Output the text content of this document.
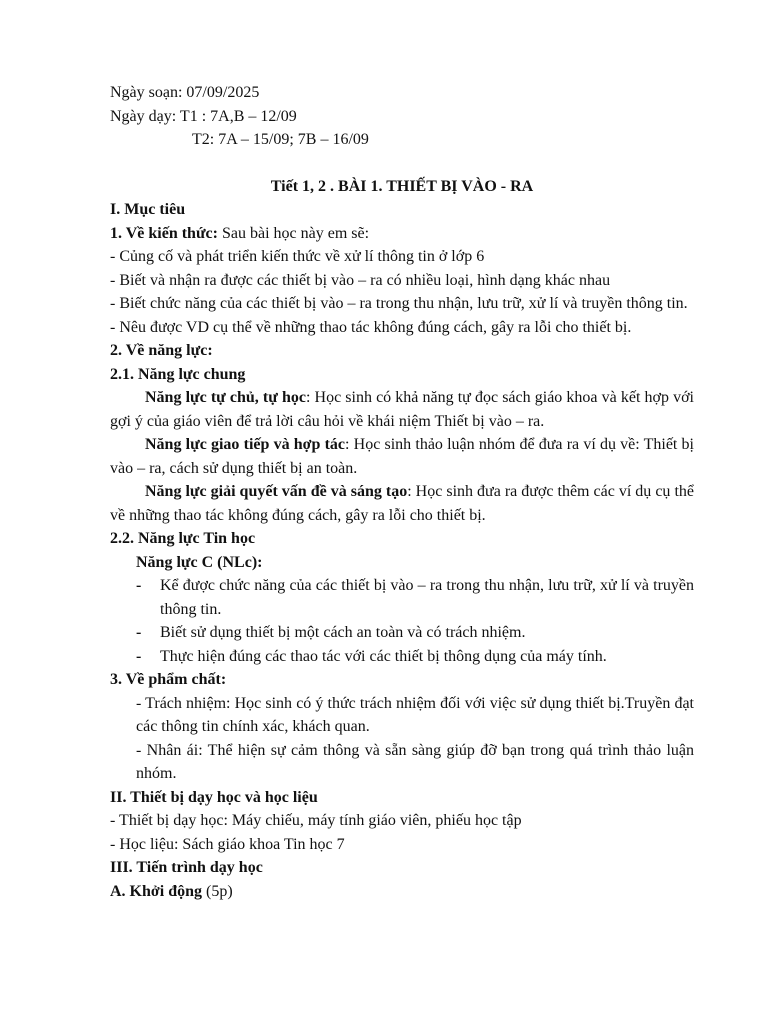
Ngày soạn: 07/09/2025

Ngày dạy: T1 : 7A,B – 12/09

T2: 7A – 15/09; 7B – 16/09

Tiết 1, 2 . BÀI 1. THIẾT BỊ VÀO - RA

I. Mục tiêu

1. Về kiến thức: Sau bài học này em sẽ:

- Củng cố và phát triển kiến thức về xử lí thông tin ở lớp 6

- Biết và nhận ra được các thiết bị vào – ra có nhiều loại, hình dạng khác nhau

- Biết chức năng của các thiết bị vào – ra trong thu nhận, lưu trữ, xử lí và truyền thông tin.

- Nêu được VD cụ thể về những thao tác không đúng cách, gây ra lỗi cho thiết bị.

2. Về năng lực:

2.1. Năng lực chung

Năng lực tự chủ, tự học: Học sinh có khả năng tự đọc sách giáo khoa và kết hợp với gợi ý của giáo viên để trả lời câu hỏi về khái niệm Thiết bị vào – ra.

Năng lực giao tiếp và hợp tác: Học sinh thảo luận nhóm để đưa ra ví dụ về: Thiết bị vào – ra, cách sử dụng thiết bị an toàn.

Năng lực giải quyết vấn đề và sáng tạo: Học sinh đưa ra được thêm các ví dụ cụ thể về những thao tác không đúng cách, gây ra lỗi cho thiết bị.

2.2. Năng lực Tin học

Năng lực C (NLc):

- Kể được chức năng của các thiết bị vào – ra trong thu nhận, lưu trữ, xử lí và truyền thông tin.
- Biết sử dụng thiết bị một cách an toàn và có trách nhiệm.
- Thực hiện đúng các thao tác với các thiết bị thông dụng của máy tính.

3. Về phẩm chất:

- Trách nhiệm: Học sinh có ý thức trách nhiệm đối với việc sử dụng thiết bị.Truyền đạt các thông tin chính xác, khách quan.

- Nhân ái: Thể hiện sự cảm thông và sẵn sàng giúp đỡ bạn trong quá trình thảo luận nhóm.

II. Thiết bị dạy học và học liệu

- Thiết bị dạy học: Máy chiếu, máy tính giáo viên, phiếu học tập

- Học liệu: Sách giáo khoa Tin học 7

III. Tiến trình dạy học

A. Khởi động (5p)
